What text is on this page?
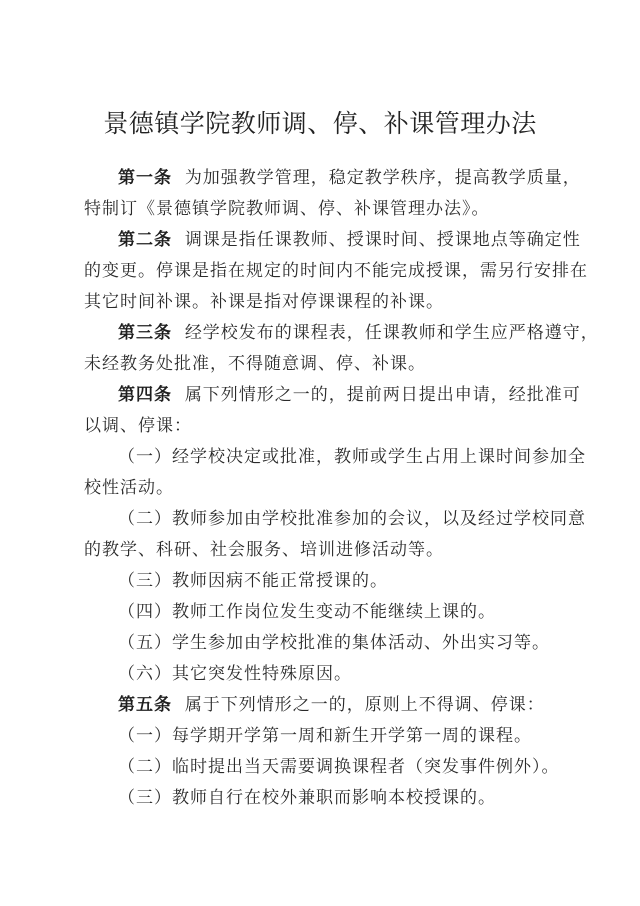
景德镇学院教师调、停、补课管理办法
第一条 为加强教学管理，稳定教学秩序，提高教学质量，
特制订《景德镇学院教师调、停、补课管理办法》。
第二条 调课是指任课教师、授课时间、授课地点等确定性
的变更。停课是指在规定的时间内不能完成授课，需另行安排在
其它时间补课。补课是指对停课课程的补课。
第三条 经学校发布的课程表，任课教师和学生应严格遵守，
未经教务处批准，不得随意调、停、补课。
第四条 属下列情形之一的，提前两日提出申请，经批准可
以调、停课：
（一）经学校决定或批准，教师或学生占用上课时间参加全
校性活动。
（二）教师参加由学校批准参加的会议，以及经过学校同意
的教学、科研、社会服务、培训进修活动等。
（三）教师因病不能正常授课的。
（四）教师工作岗位发生变动不能继续上课的。
（五）学生参加由学校批准的集体活动、外出实习等。
（六）其它突发性特殊原因。
第五条 属于下列情形之一的，原则上不得调、停课：
（一）每学期开学第一周和新生开学第一周的课程。
（二）临时提出当天需要调换课程者（突发事件例外）。
（三）教师自行在校外兼职而影响本校授课的。
